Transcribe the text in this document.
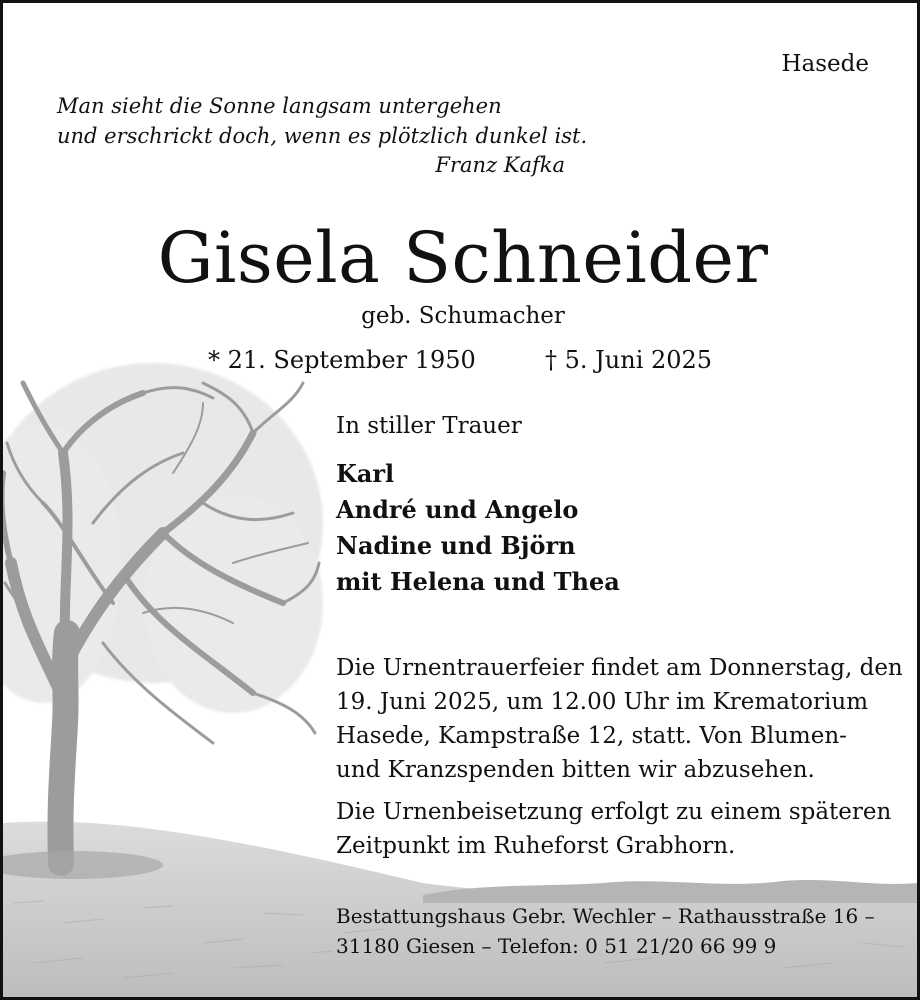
Hasede
Man sieht die Sonne langsam untergehen
und erschrickt doch, wenn es plötzlich dunkel ist.
Franz Kafka
Gisela Schneider
geb. Schumacher
* 21. September 1950	† 5. Juni 2025
In stiller Trauer
Karl
André und Angelo
Nadine und Björn
mit Helena und Thea
Die Urnentrauerfeier findet am Donnerstag, den
19. Juni 2025, um 12.00 Uhr im Krematorium
Hasede, Kampstraße 12, statt. Von Blumen-
und Kranzspenden bitten wir abzusehen.
Die Urnenbeisetzung erfolgt zu einem späteren
Zeitpunkt im Ruheforst Grabhorn.
Bestattungshaus Gebr. Wechler – Rathausstraße 16 –
31180 Giesen – Telefon: 0 51 21/20 66 99 9
